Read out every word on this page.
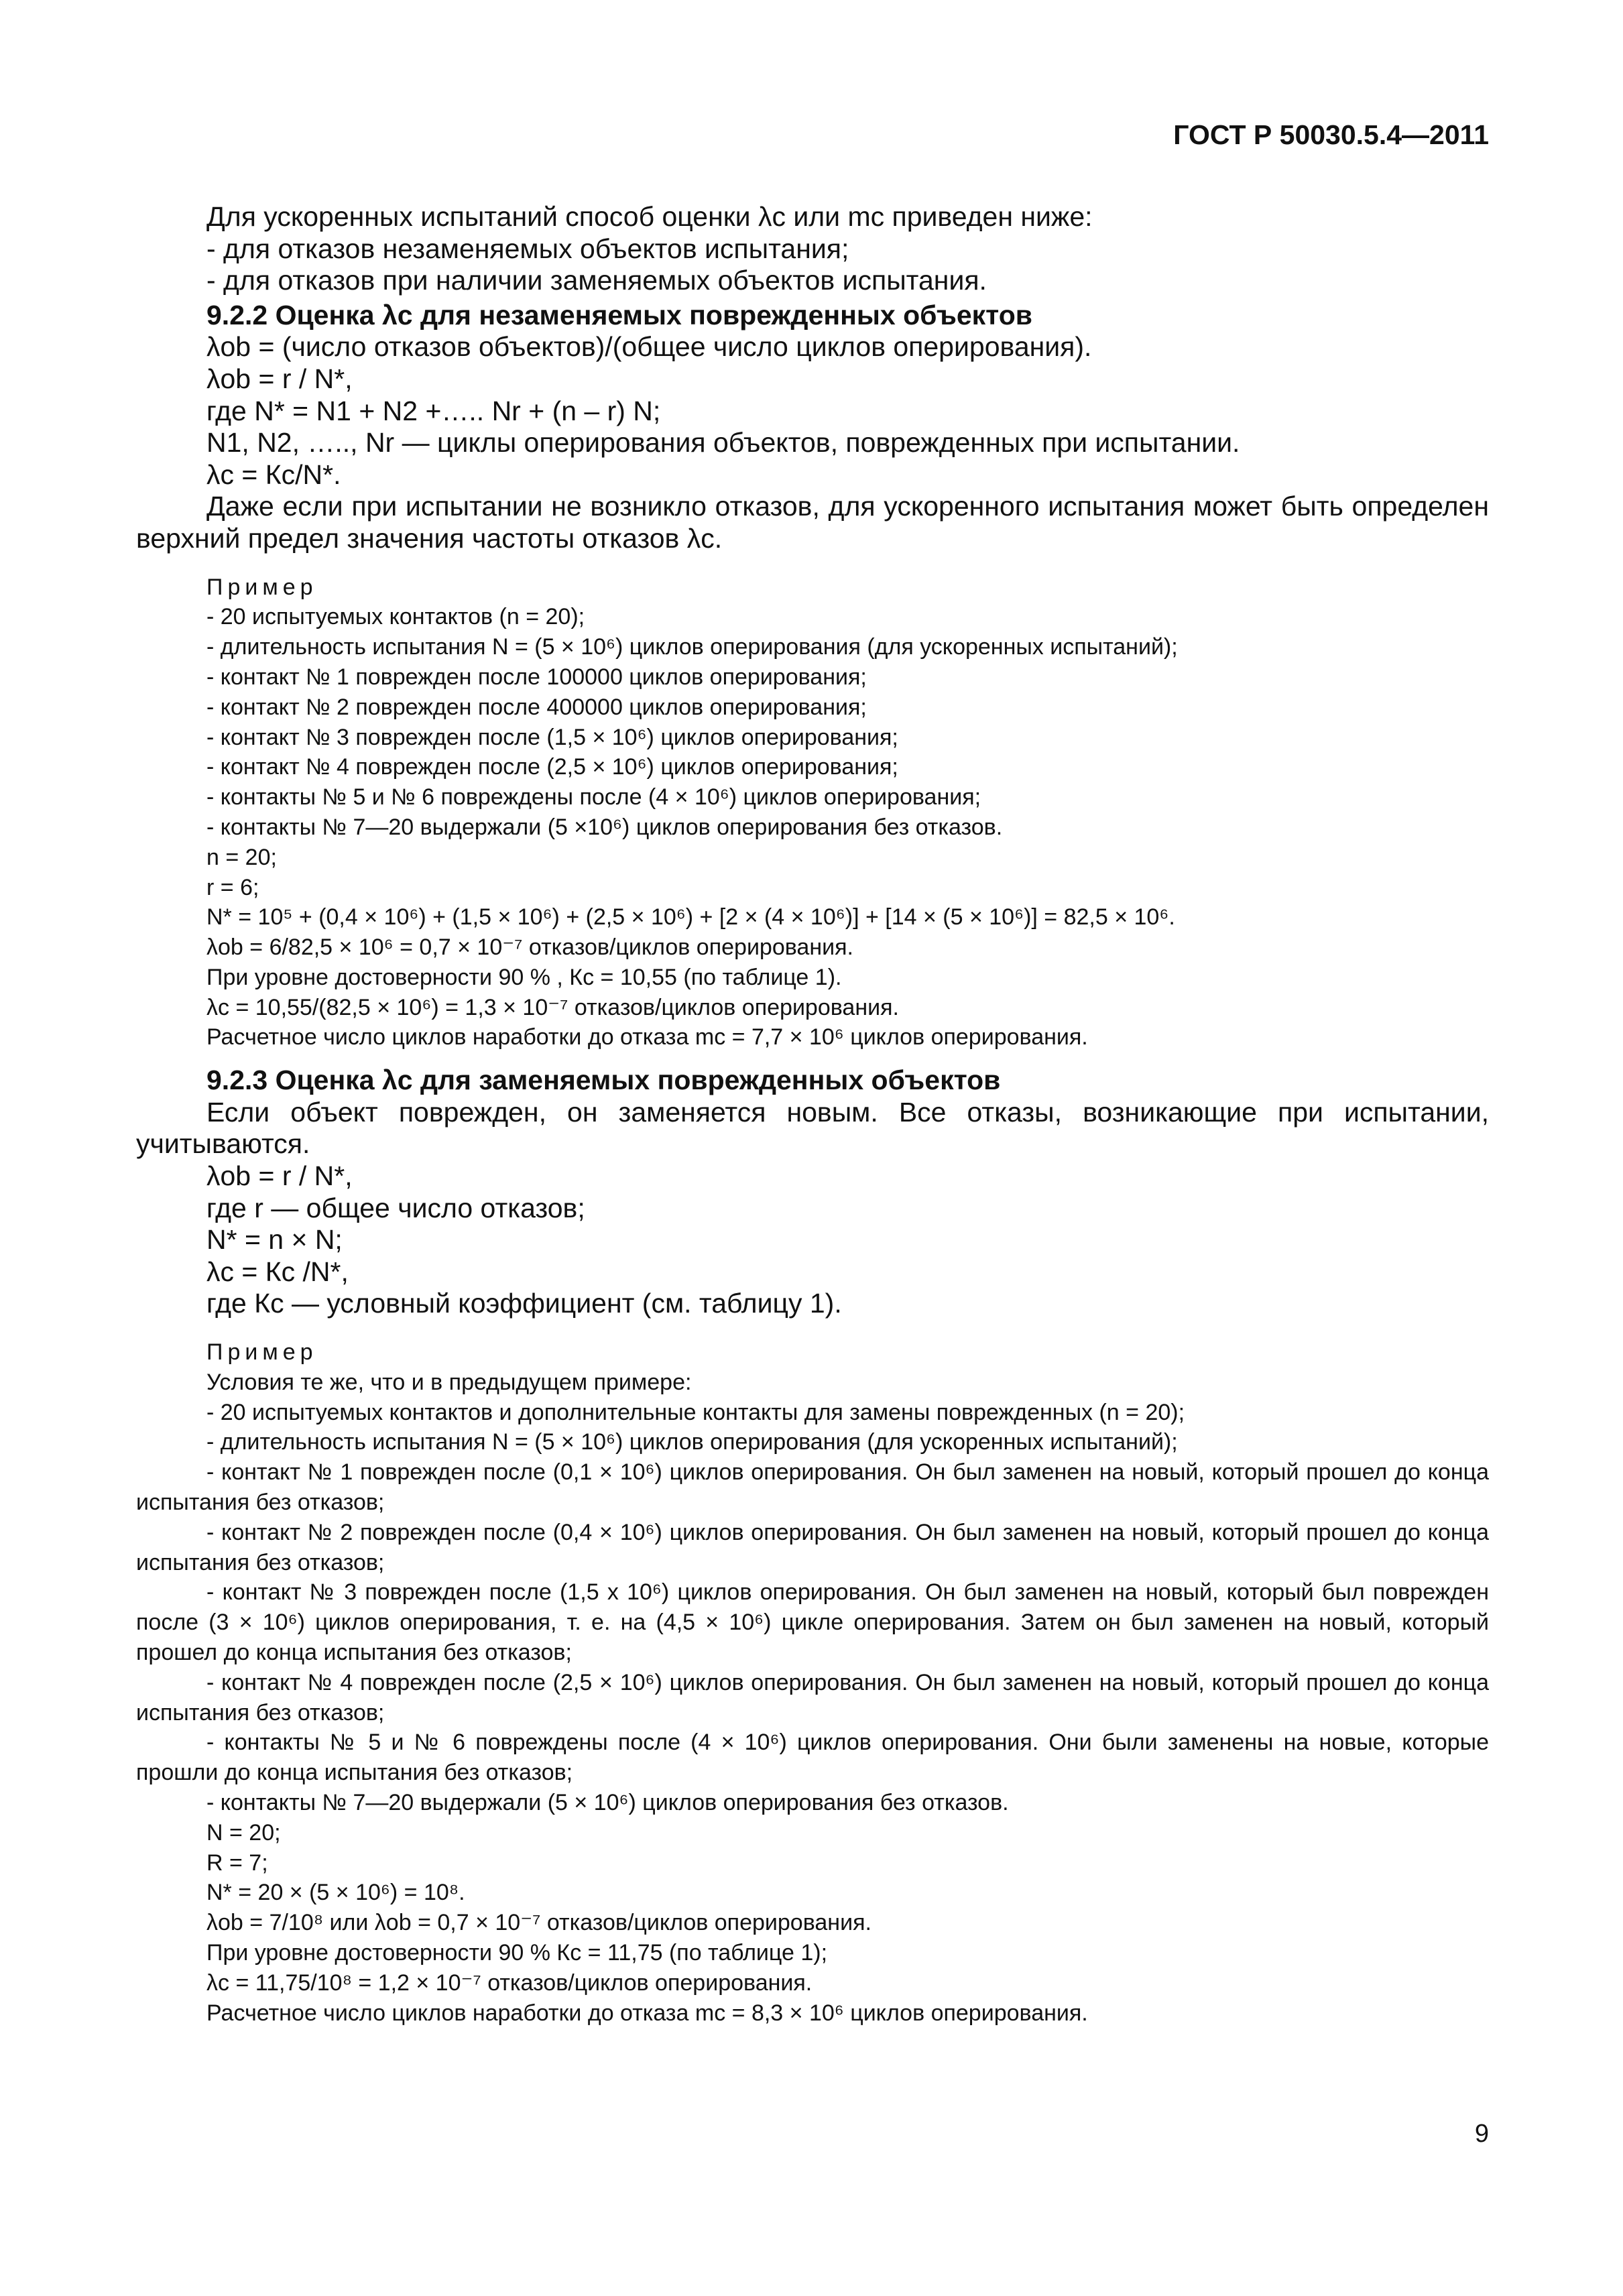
ГОСТ Р 50030.5.4—2011
Для ускоренных испытаний способ оценки λс или mс приведен ниже:
- для отказов незаменяемых объектов испытания;
- для отказов при наличии заменяемых объектов испытания.
9.2.2 Оценка λс для незаменяемых поврежденных объектов
λоb = (число отказов объектов)/(общее число циклов оперирования).
λоb = r / N*,
где N* = N1 + N2 +….. Nr + (n – r) N;
N1, N2, ….., Nr — циклы оперирования объектов, поврежденных при испытании.
λс = Кс/N*.
Даже если при испытании не возникло отказов, для ускоренного испытания может быть определен верхний предел значения частоты отказов λс.
Пример
- 20 испытуемых контактов (n = 20);
- длительность испытания N = (5 × 10⁶) циклов оперирования (для ускоренных испытаний);
- контакт № 1 поврежден после 100000 циклов оперирования;
- контакт № 2 поврежден после 400000 циклов оперирования;
- контакт № 3 поврежден после (1,5 × 10⁶) циклов оперирования;
- контакт № 4 поврежден после (2,5 × 10⁶) циклов оперирования;
- контакты № 5 и № 6 повреждены после (4 × 10⁶) циклов оперирования;
- контакты № 7—20 выдержали (5 ×10⁶) циклов оперирования без отказов.
n = 20;
r = 6;
N* = 10⁵ + (0,4 × 10⁶) + (1,5 × 10⁶) + (2,5 × 10⁶) + [2 × (4 × 10⁶)] + [14 × (5 × 10⁶)] = 82,5 × 10⁶.
λоb = 6/82,5 × 10⁶ = 0,7 × 10⁻⁷ отказов/циклов оперирования.
При уровне достоверности 90 % , Кс = 10,55 (по таблице 1).
λс = 10,55/(82,5 × 10⁶) = 1,3 × 10⁻⁷ отказов/циклов оперирования.
Расчетное число циклов наработки до отказа mс = 7,7 × 10⁶ циклов оперирования.
9.2.3 Оценка λс для заменяемых поврежденных объектов
Если объект поврежден, он заменяется новым. Все отказы, возникающие при испытании, учитываются.
λоb = r / N*,
где r — общее число отказов;
N* = n × N;
λс = Кс /N*,
где Кс — условный коэффициент (см. таблицу 1).
Пример
Условия те же, что и в предыдущем примере:
- 20 испытуемых контактов и дополнительные контакты для замены поврежденных (n = 20);
- длительность испытания N = (5 × 10⁶) циклов оперирования (для ускоренных испытаний);
- контакт № 1 поврежден после (0,1 × 10⁶) циклов оперирования. Он был заменен на новый, который прошел до конца испытания без отказов;
- контакт № 2 поврежден после (0,4 × 10⁶) циклов оперирования. Он был заменен на новый, который прошел до конца испытания без отказов;
- контакт № 3 поврежден после (1,5 x 10⁶) циклов оперирования. Он был заменен на новый, который был поврежден после (3 × 10⁶) циклов оперирования, т. е. на (4,5 × 10⁶) цикле оперирования. Затем он был заменен на новый, который прошел до конца испытания без отказов;
- контакт № 4 поврежден после (2,5 × 10⁶) циклов оперирования. Он был заменен на новый, который прошел до конца испытания без отказов;
- контакты № 5 и № 6 повреждены после (4 × 10⁶) циклов оперирования. Они были заменены на новые, которые прошли до конца испытания без отказов;
- контакты № 7—20 выдержали (5 × 10⁶) циклов оперирования без отказов.
N = 20;
R = 7;
N* = 20 × (5 × 10⁶) = 10⁸.
λоb = 7/10⁸ или λоb = 0,7 × 10⁻⁷ отказов/циклов оперирования.
При уровне достоверности 90 % Кс = 11,75 (по таблице 1);
λс = 11,75/10⁸ = 1,2 × 10⁻⁷ отказов/циклов оперирования.
Расчетное число циклов наработки до отказа mс = 8,3 × 10⁶ циклов оперирования.
9
